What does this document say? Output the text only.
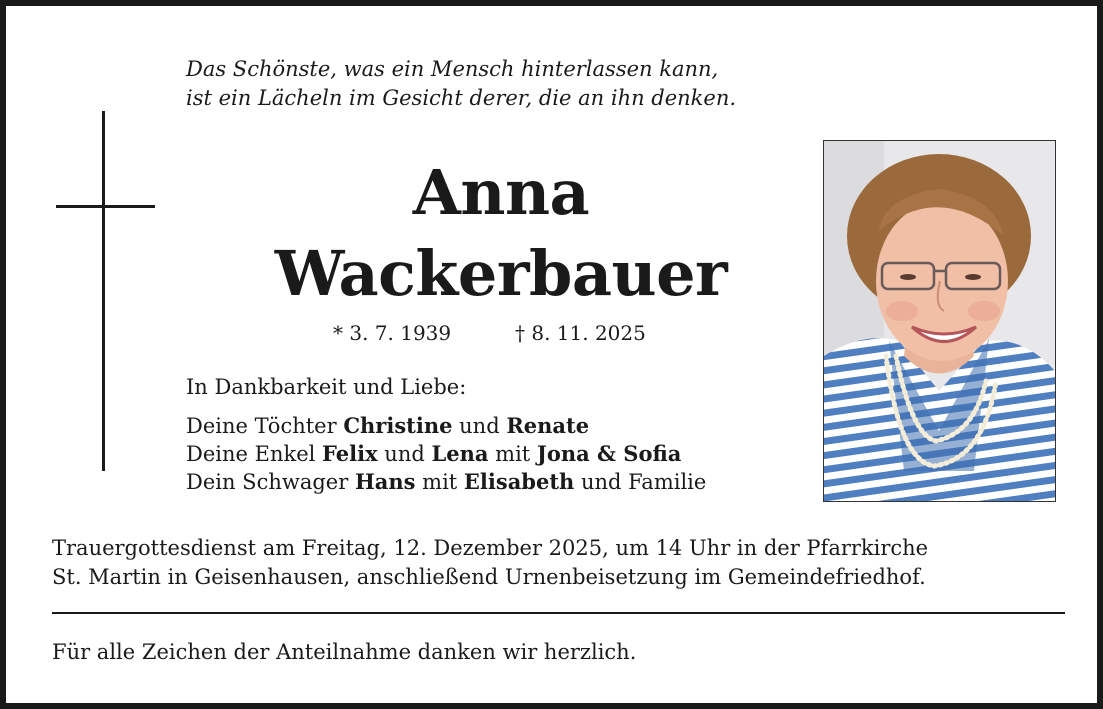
Das Schönste, was ein Mensch hinterlassen kann,
ist ein Lächeln im Gesicht derer, die an ihn denken.
Anna
Wackerbauer
* 3. 7. 1939	† 8. 11. 2025
In Dankbarkeit und Liebe:
Deine Töchter Christine und Renate
Deine Enkel Felix und Lena mit Jona & Sofia
Dein Schwager Hans mit Elisabeth und Familie
Trauergottesdienst am Freitag, 12. Dezember 2025, um 14 Uhr in der Pfarrkirche
St. Martin in Geisenhausen, anschließend Urnenbeisetzung im Gemeindefriedhof.
Für alle Zeichen der Anteilnahme danken wir herzlich.
